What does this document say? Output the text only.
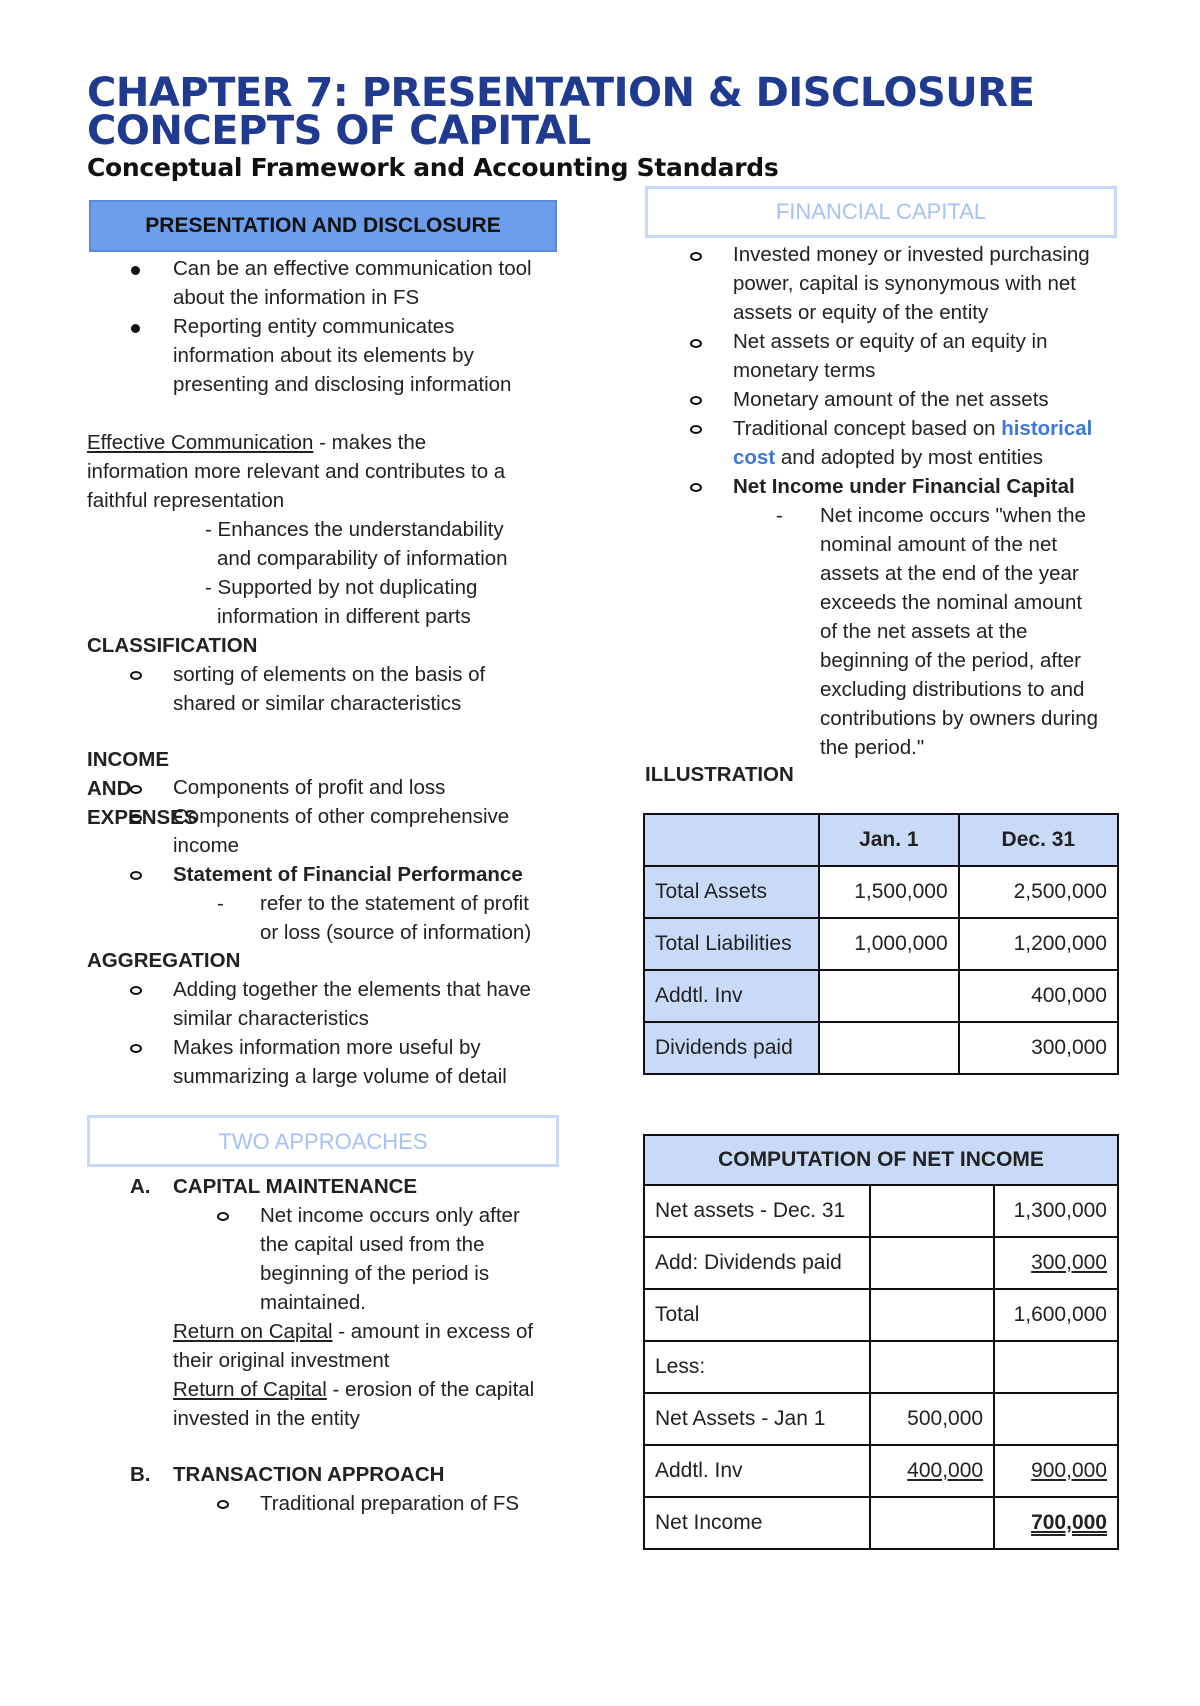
CHAPTER 7: PRESENTATION & DISCLOSURE
CONCEPTS OF CAPITAL
Conceptual Framework and Accounting Standards
PRESENTATION AND DISCLOSURE
Can be an effective communication tool
about the information in FS
Reporting entity communicates
information about its elements by
presenting and disclosing information
Effective Communication - makes the
information more relevant and contributes to a
faithful representation
- Enhances the understandability
and comparability of information
- Supported by not duplicating
information in different parts
CLASSIFICATION
sorting of elements on the basis of
shared or similar characteristics
INCOME AND EXPENSES
Components of profit and loss
Components of other comprehensive
income
Statement of Financial Performance
- refer to the statement of profit
or loss (source of information)
AGGREGATION
Adding together the elements that have
similar characteristics
Makes information more useful by
summarizing a large volume of detail
TWO APPROACHES
A. CAPITAL MAINTENANCE
Net income occurs only after
the capital used from the
beginning of the period is
maintained.
Return on Capital - amount in excess of
their original investment
Return of Capital - erosion of the capital
invested in the entity
B. TRANSACTION APPROACH
Traditional preparation of FS
FINANCIAL CAPITAL
Invested money or invested purchasing
power, capital is synonymous with net
assets or equity of the entity
Net assets or equity of an equity in
monetary terms
Monetary amount of the net assets
Traditional concept based on historical
cost and adopted by most entities
Net Income under Financial Capital
- Net income occurs "when the
nominal amount of the net
assets at the end of the year
exceeds the nominal amount
of the net assets at the
beginning of the period, after
excluding distributions to and
contributions by owners during
the period."
ILLUSTRATION
	Jan. 1	Dec. 31
Total Assets	1,500,000	2,500,000
Total Liabilities	1,000,000	1,200,000
Addtl. Inv		400,000
Dividends paid		300,000
COMPUTATION OF NET INCOME		
Net assets - Dec. 31		1,300,000
Add: Dividends paid		300,000
Total		1,600,000
Less:		
Net Assets - Jan 1	500,000	
Addtl. Inv	400,000	900,000
Net Income		700,000
